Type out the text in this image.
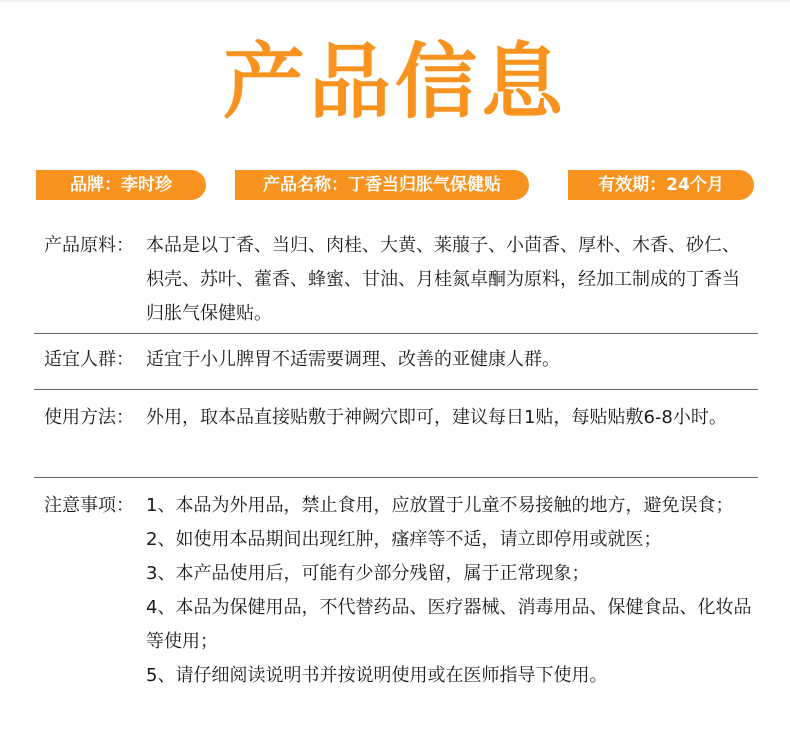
产品信息
品牌：李时珍	产品名称：丁香当归胀气保健贴	有效期：24个月
产品原料： 本品是以丁香、当归、肉桂、大黄、莱菔子、小茴香、厚朴、木香、砂仁、枳壳、苏叶、藿香、蜂蜜、甘油、月桂氮卓酮为原料，经加工制成的丁香当归胀气保健贴。
适宜人群： 适宜于小儿脾胃不适需要调理、改善的亚健康人群。
使用方法： 外用，取本品直接贴敷于神阙穴即可，建议每日1贴，每贴贴敷6-8小时。
注意事项： 1、本品为外用品，禁止食用，应放置于儿童不易接触的地方，避免误食；
2、如使用本品期间出现红肿，瘙痒等不适，请立即停用或就医；
3、本产品使用后，可能有少部分残留，属于正常现象；
4、本品为保健用品，不代替药品、医疗器械、消毒用品、保健食品、化妆品等使用；
5、请仔细阅读说明书并按说明使用或在医师指导下使用。
